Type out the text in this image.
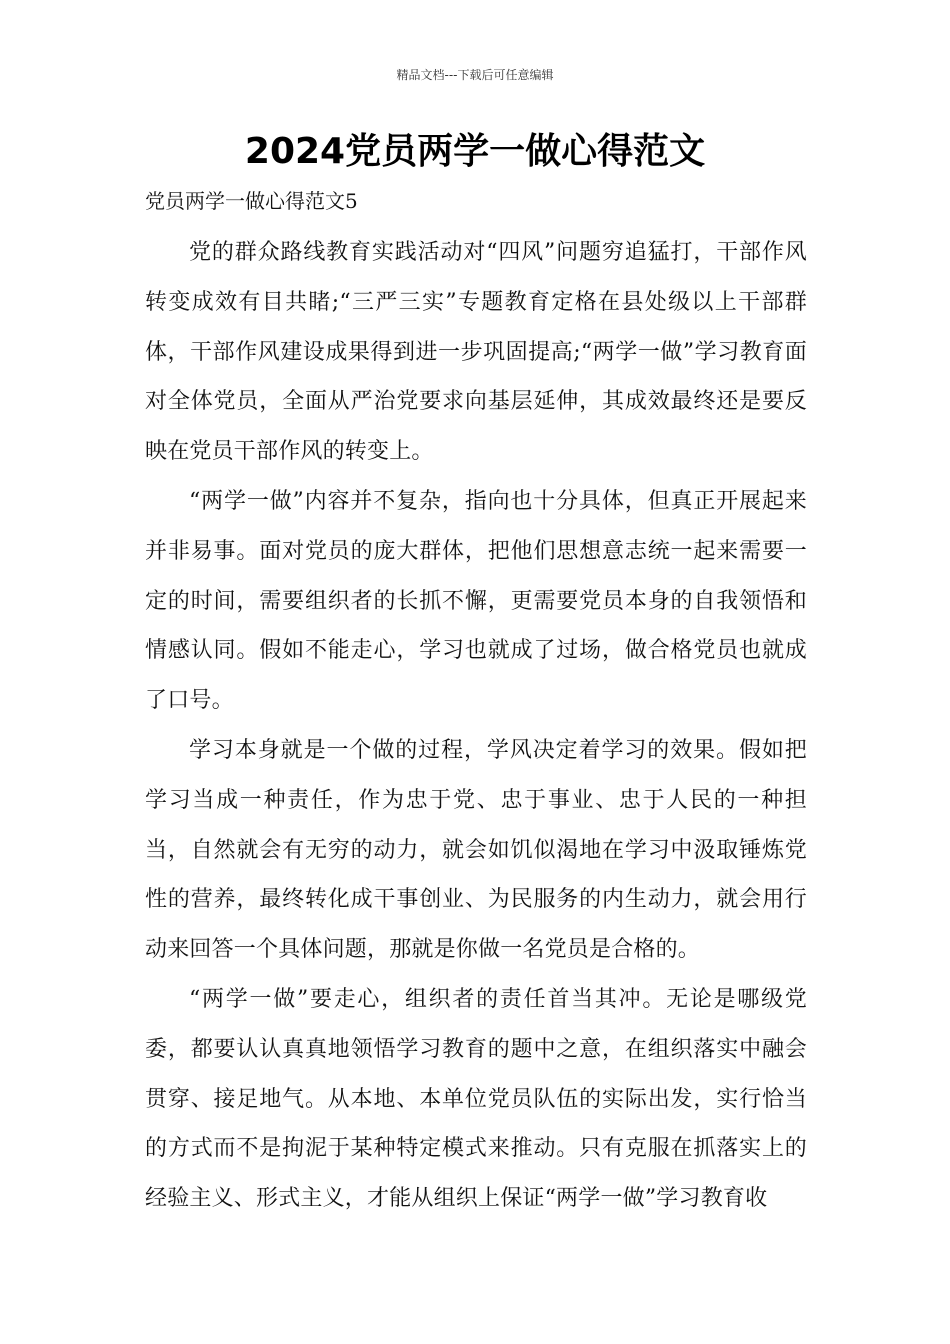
精品文档---下载后可任意编辑
2024党员两学一做心得范文

党员两学一做心得范文5

党的群众路线教育实践活动对“四风”问题穷追猛打，干部作风转变成效有目共睹;“三严三实”专题教育定格在县处级以上干部群体，干部作风建设成果得到进一步巩固提高;“两学一做”学习教育面对全体党员，全面从严治党要求向基层延伸，其成效最终还是要反映在党员干部作风的转变上。

“两学一做”内容并不复杂，指向也十分具体，但真正开展起来并非易事。面对党员的庞大群体，把他们思想意志统一起来需要一定的时间，需要组织者的长抓不懈，更需要党员本身的自我领悟和情感认同。假如不能走心，学习也就成了过场，做合格党员也就成了口号。

学习本身就是一个做的过程，学风决定着学习的效果。假如把学习当成一种责任，作为忠于党、忠于事业、忠于人民的一种担当，自然就会有无穷的动力，就会如饥似渴地在学习中汲取锤炼党性的营养，最终转化成干事创业、为民服务的内生动力，就会用行动来回答一个具体问题，那就是你做一名党员是合格的。

“两学一做”要走心，组织者的责任首当其冲。无论是哪级党委，都要认认真真地领悟学习教育的题中之意，在组织落实中融会贯穿、接足地气。从本地、本单位党员队伍的实际出发，实行恰当的方式而不是拘泥于某种特定模式来推动。只有克服在抓落实上的经验主义、形式主义，才能从组织上保证“两学一做”学习教育收
